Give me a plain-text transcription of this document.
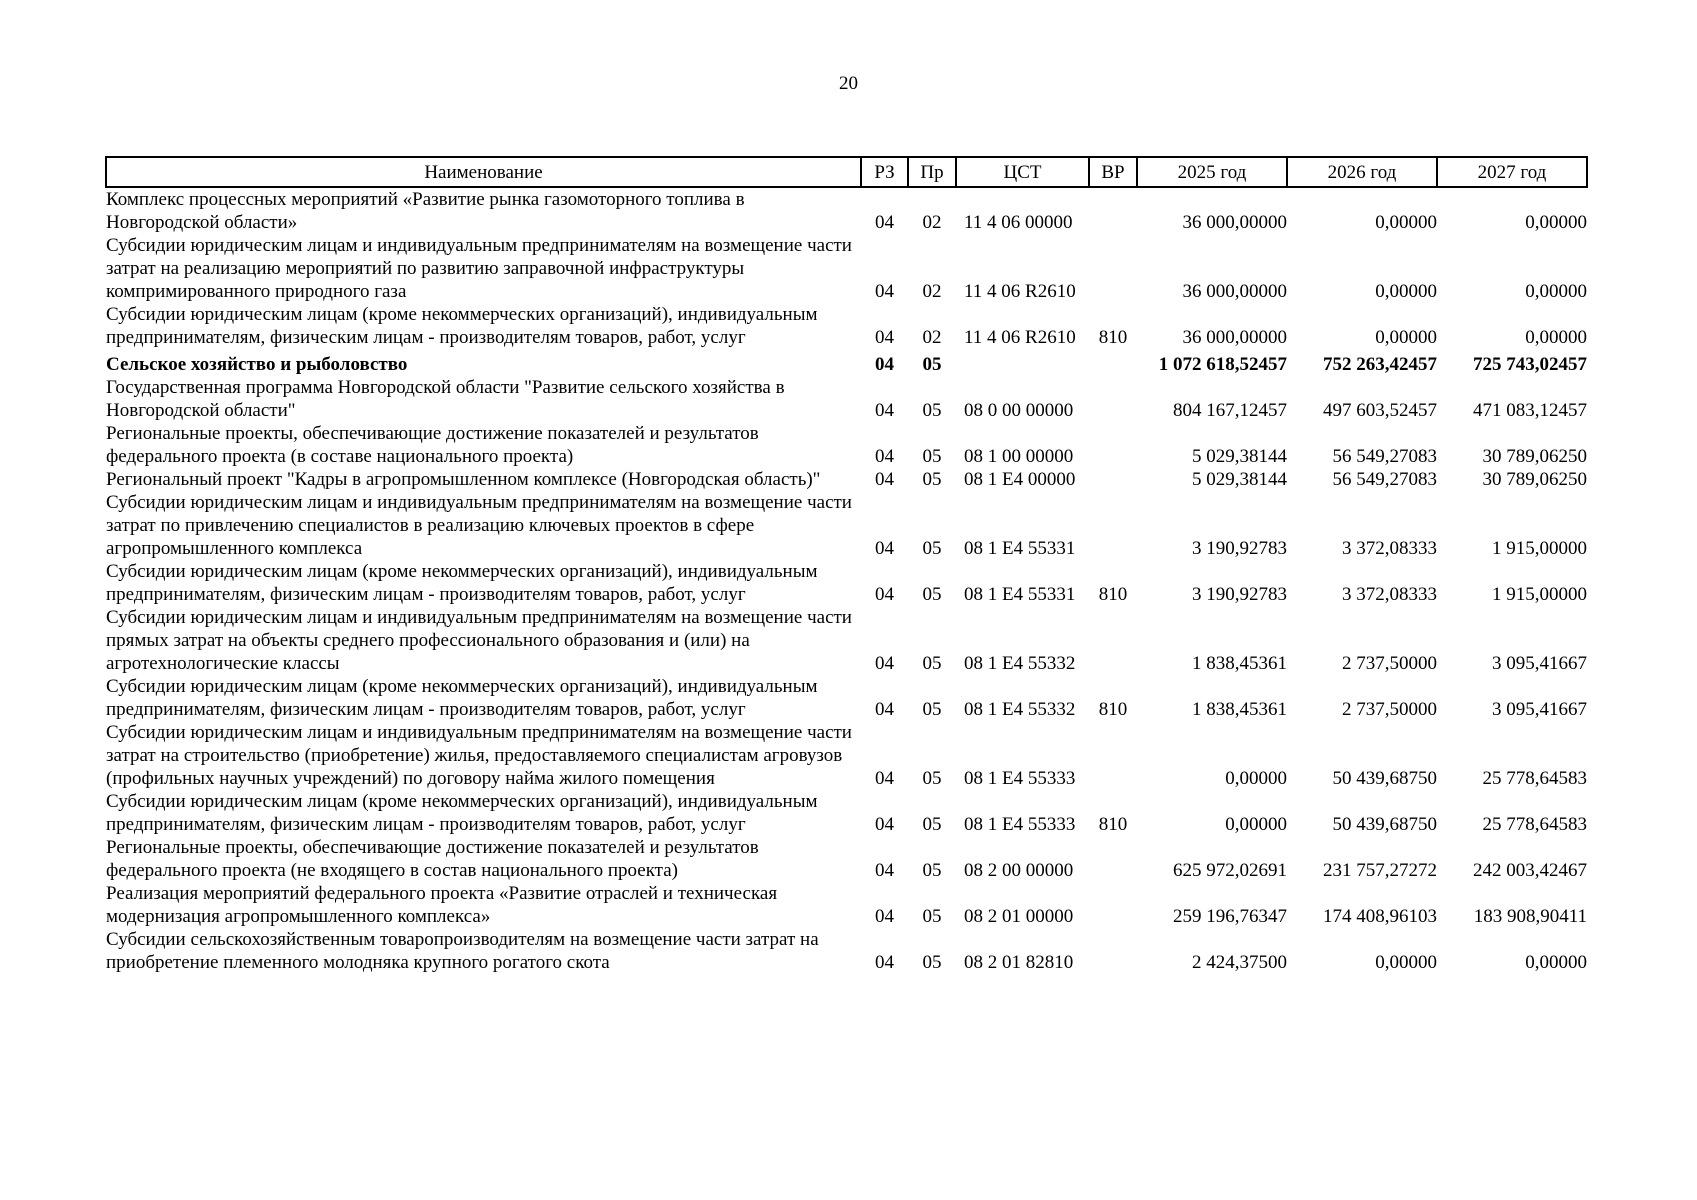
20
Наименование	РЗ	Пр	ЦСТ	ВР	2025 год	2026 год	2027 год
Комплекс процессных мероприятий «Развитие рынка газомоторного топлива в Новгородской области»	04	02	11 4 06 00000		36 000,00000	0,00000	0,00000
Субсидии юридическим лицам и индивидуальным предпринимателям на возмещение части затрат на реализацию мероприятий по развитию заправочной инфраструктуры компримированного природного газа	04	02	11 4 06 R2610		36 000,00000	0,00000	0,00000
Субсидии юридическим лицам (кроме некоммерческих организаций), индивидуальным предпринимателям, физическим лицам - производителям товаров, работ, услуг	04	02	11 4 06 R2610	810	36 000,00000	0,00000	0,00000
Сельское хозяйство и рыболовство	04	05			1 072 618,52457	752 263,42457	725 743,02457
Государственная программа Новгородской области "Развитие сельского хозяйства в Новгородской области"	04	05	08 0 00 00000		804 167,12457	497 603,52457	471 083,12457
Региональные проекты, обеспечивающие достижение показателей и результатов федерального проекта (в составе национального проекта)	04	05	08 1 00 00000		5 029,38144	56 549,27083	30 789,06250
Региональный проект "Кадры в агропромышленном комплексе (Новгородская область)"	04	05	08 1 E4 00000		5 029,38144	56 549,27083	30 789,06250
Субсидии юридическим лицам и индивидуальным предпринимателям на возмещение части затрат по привлечению специалистов в реализацию ключевых проектов в сфере агропромышленного комплекса	04	05	08 1 E4 55331		3 190,92783	3 372,08333	1 915,00000
Субсидии юридическим лицам (кроме некоммерческих организаций), индивидуальным предпринимателям, физическим лицам - производителям товаров, работ, услуг	04	05	08 1 E4 55331	810	3 190,92783	3 372,08333	1 915,00000
Субсидии юридическим лицам и индивидуальным предпринимателям на возмещение части прямых затрат на объекты среднего профессионального образования и (или) на агротехнологические классы	04	05	08 1 E4 55332		1 838,45361	2 737,50000	3 095,41667
Субсидии юридическим лицам (кроме некоммерческих организаций), индивидуальным предпринимателям, физическим лицам - производителям товаров, работ, услуг	04	05	08 1 E4 55332	810	1 838,45361	2 737,50000	3 095,41667
Субсидии юридическим лицам и индивидуальным предпринимателям на возмещение части затрат на строительство (приобретение) жилья, предоставляемого специалистам агровузов (профильных научных учреждений) по договору найма жилого помещения	04	05	08 1 E4 55333		0,00000	50 439,68750	25 778,64583
Субсидии юридическим лицам (кроме некоммерческих организаций), индивидуальным предпринимателям, физическим лицам - производителям товаров, работ, услуг	04	05	08 1 E4 55333	810	0,00000	50 439,68750	25 778,64583
Региональные проекты, обеспечивающие достижение показателей и результатов федерального проекта (не входящего в состав национального проекта)	04	05	08 2 00 00000		625 972,02691	231 757,27272	242 003,42467
Реализация мероприятий федерального проекта «Развитие отраслей и техническая модернизация агропромышленного комплекса»	04	05	08 2 01 00000		259 196,76347	174 408,96103	183 908,90411
Субсидии сельскохозяйственным товаропроизводителям на возмещение части затрат на приобретение племенного молодняка крупного рогатого скота	04	05	08 2 01 82810		2 424,37500	0,00000	0,00000
